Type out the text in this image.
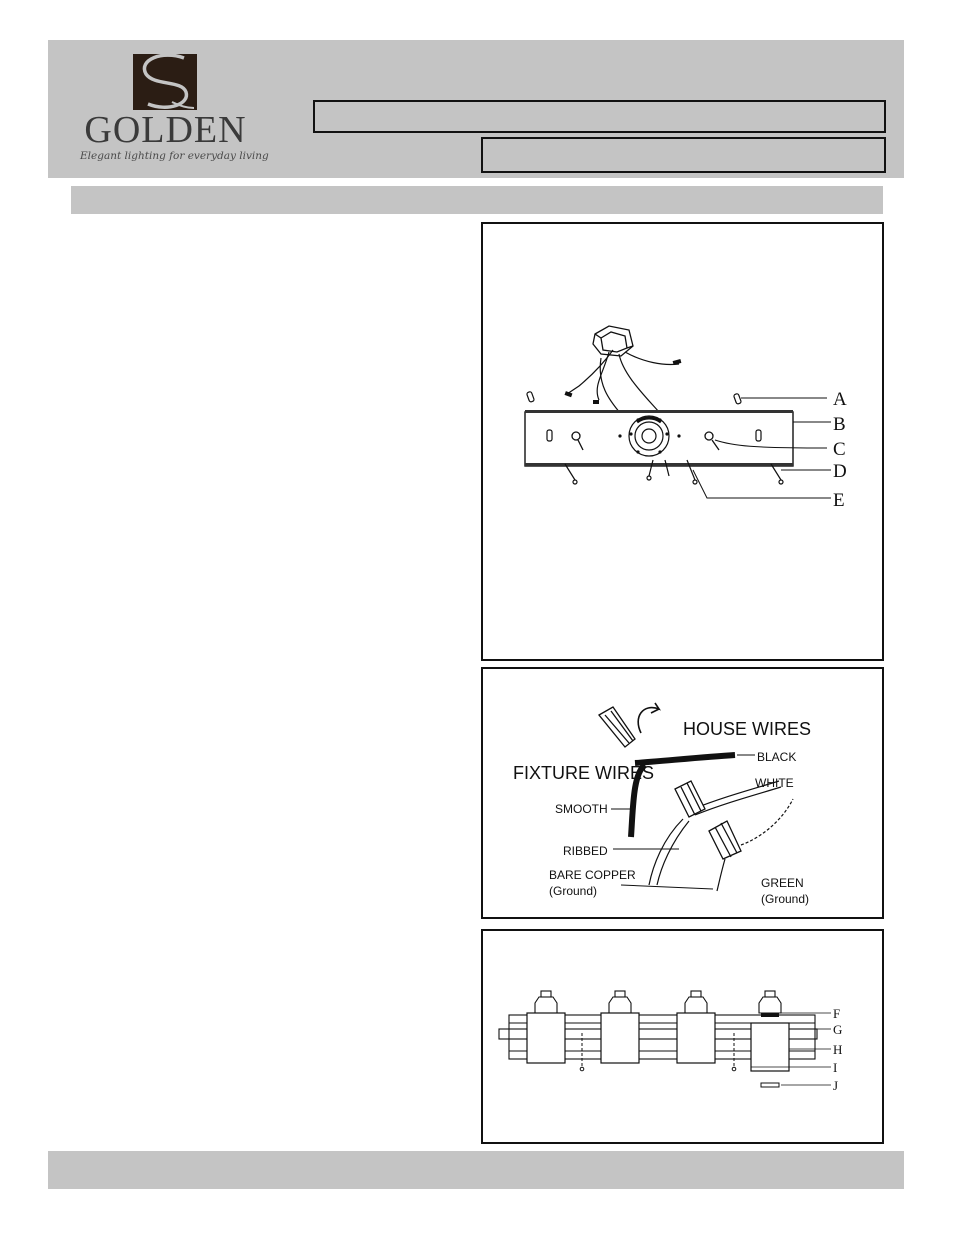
GOLDEN
Elegant lighting for everyday living
A
B
C
D
E
HOUSE WIRES
FIXTURE WIRES
BLACK
WHITE
SMOOTH
RIBBED
BARE COPPER
(Ground)
GREEN
(Ground)
F
G
H
I
J
